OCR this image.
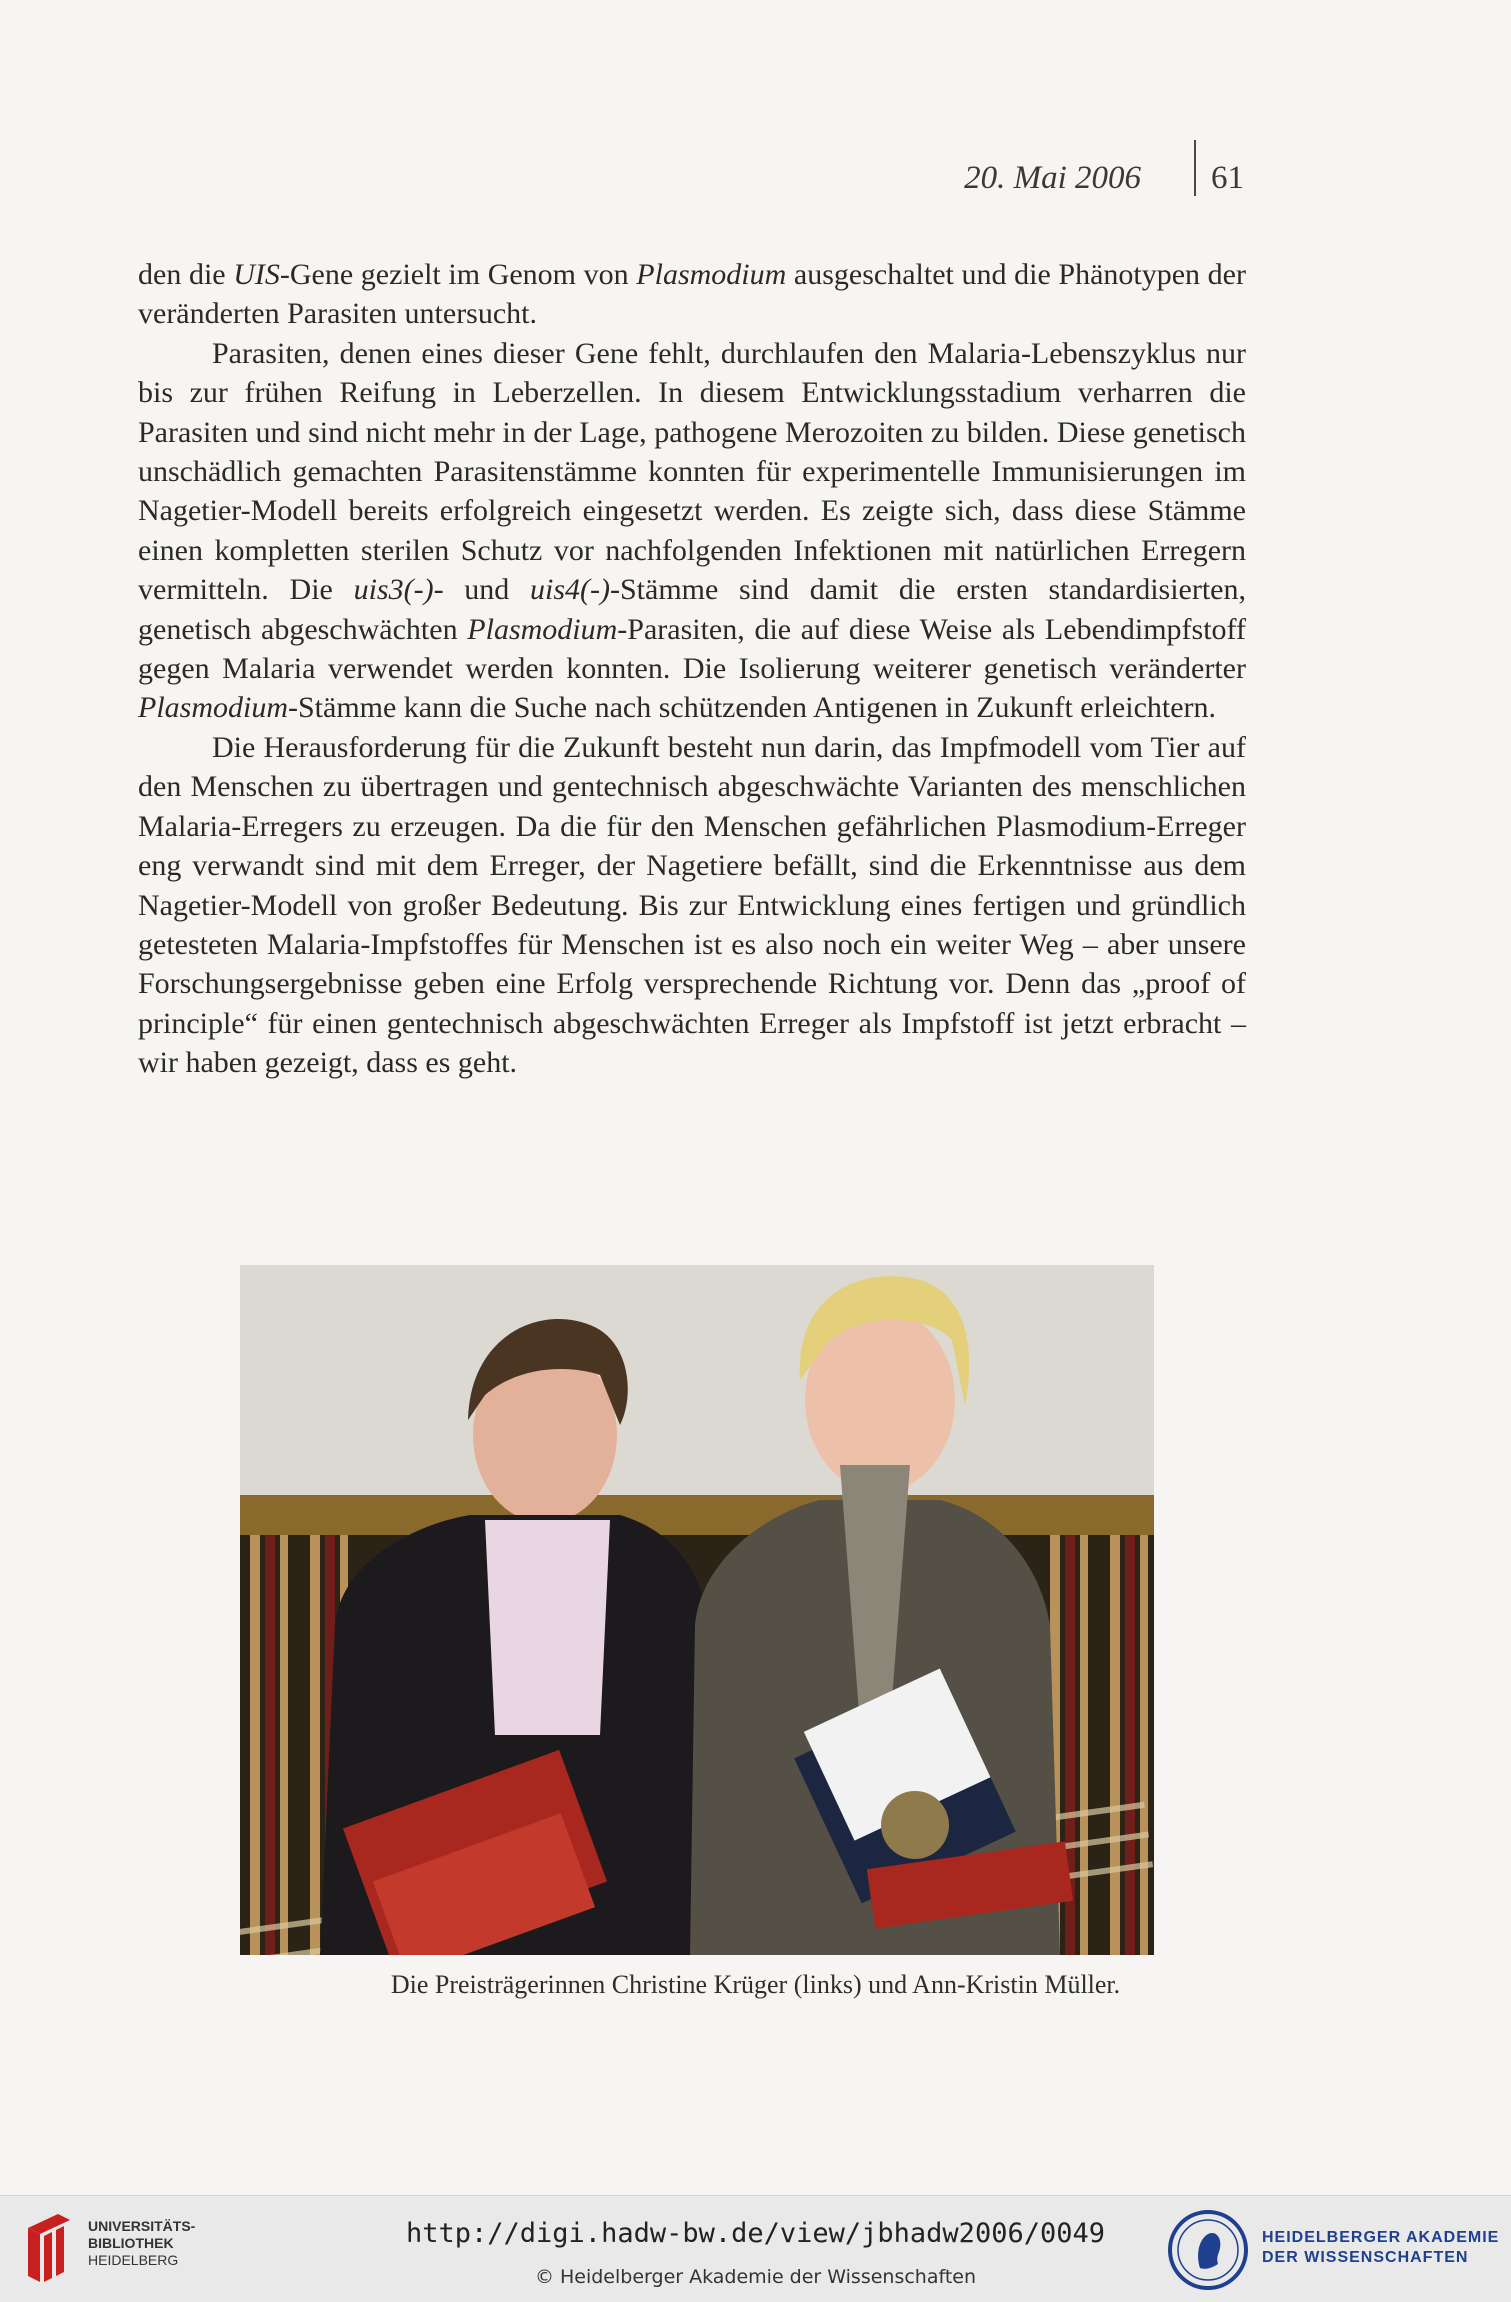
20. Mai 2006 61

den die UIS-Gene gezielt im Genom von Plasmodium ausgeschaltet und die Phänotypen der veränderten Parasiten untersucht.

Parasiten, denen eines dieser Gene fehlt, durchlaufen den Malaria-Lebenszyklus nur bis zur frühen Reifung in Leberzellen. In diesem Entwicklungsstadium verharren die Parasiten und sind nicht mehr in der Lage, pathogene Merozoiten zu bilden. Diese genetisch unschädlich gemachten Parasitenstämme konnten für experimentelle Immunisierungen im Nagetier-Modell bereits erfolgreich eingesetzt werden. Es zeigte sich, dass diese Stämme einen kompletten sterilen Schutz vor nachfolgenden Infektionen mit natürlichen Erregern vermitteln. Die uis3(-)- und uis4(-)-Stämme sind damit die ersten standardisierten, genetisch abgeschwächten Plasmodium-Parasiten, die auf diese Weise als Lebendimpfstoff gegen Malaria verwendet werden konnten. Die Isolierung weiterer genetisch veränderter Plasmodium-Stämme kann die Suche nach schützenden Antigenen in Zukunft erleichtern.

Die Herausforderung für die Zukunft besteht nun darin, das Impfmodell vom Tier auf den Menschen zu übertragen und gentechnisch abgeschwächte Varianten des menschlichen Malaria-Erregers zu erzeugen. Da die für den Menschen gefährlichen Plasmodium-Erreger eng verwandt sind mit dem Erreger, der Nagetiere befällt, sind die Erkenntnisse aus dem Nagetier-Modell von großer Bedeutung. Bis zur Entwicklung eines fertigen und gründlich getesteten Malaria-Impfstoffes für Menschen ist es also noch ein weiter Weg – aber unsere Forschungsergebnisse geben eine Erfolg versprechende Richtung vor. Denn das „proof of principle“ für einen gentechnisch abgeschwächten Erreger als Impfstoff ist jetzt erbracht – wir haben gezeigt, dass es geht.

Die Preisträgerinnen Christine Krüger (links) und Ann-Kristin Müller.
UNIVERSITÄTS-
BIBLIOTHEK
HEIDELBERG
http://digi.hadw-bw.de/view/jbhadw2006/0049
© Heidelberger Akademie der Wissenschaften
HEIDELBERGER AKADEMIE
DER WISSENSCHAFTEN
